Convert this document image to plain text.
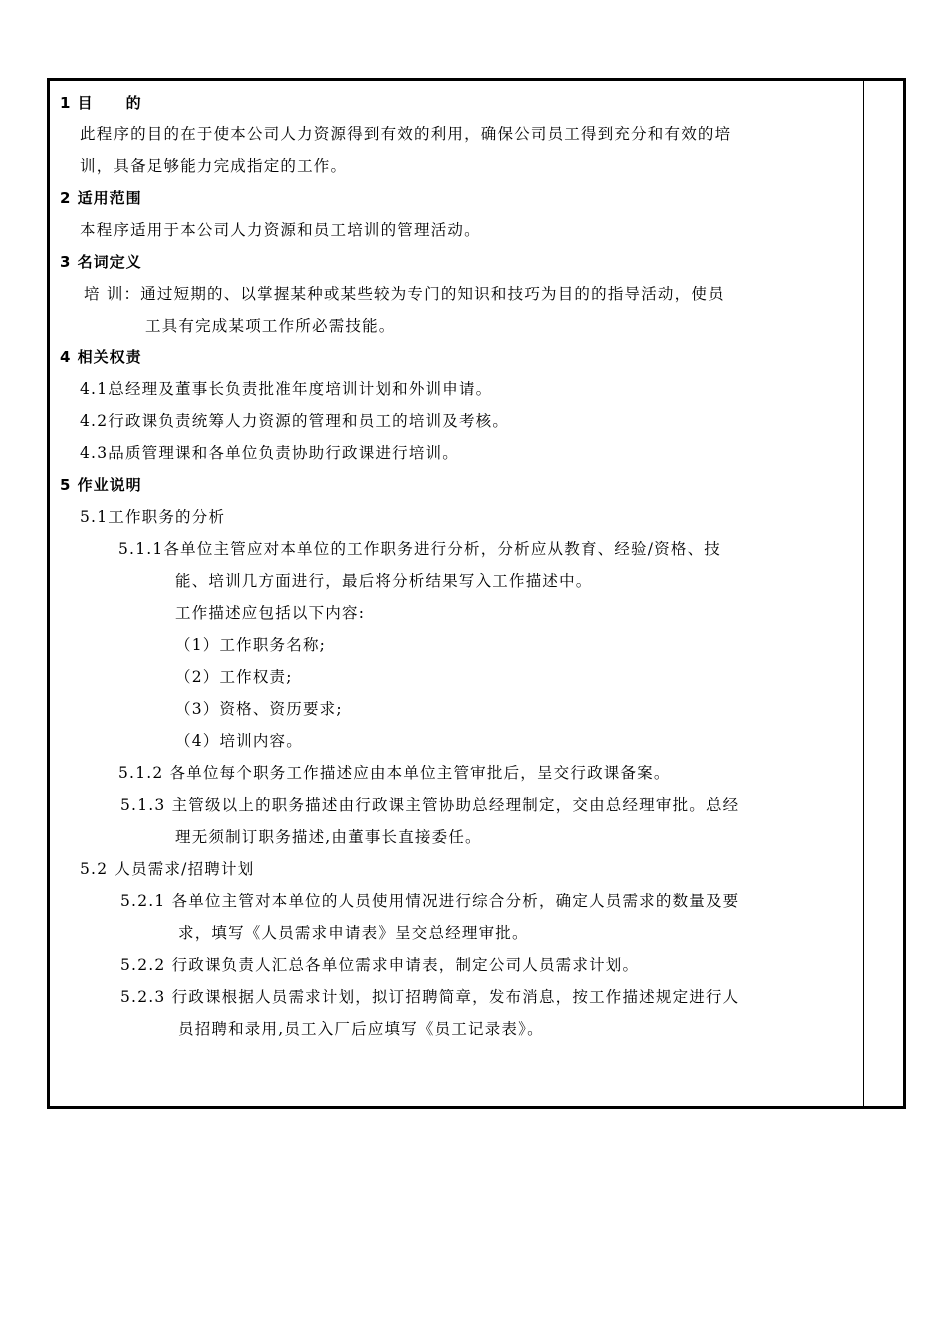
1 目　　的
此程序的目的在于使本公司人力资源得到有效的利用，确保公司员工得到充分和有效的培
训，具备足够能力完成指定的工作。
2 适用范围
本程序适用于本公司人力资源和员工培训的管理活动。
3 名词定义
培 训：通过短期的、以掌握某种或某些较为专门的知识和技巧为目的的指导活动，使员
工具有完成某项工作所必需技能。
4 相关权责
4.1总经理及董事长负责批准年度培训计划和外训申请。
4.2行政课负责统筹人力资源的管理和员工的培训及考核。
4.3品质管理课和各单位负责协助行政课进行培训。
5 作业说明
5.1工作职务的分析
5.1.1各单位主管应对本单位的工作职务进行分析，分析应从教育、经验/资格、技
能、培训几方面进行，最后将分析结果写入工作描述中。
工作描述应包括以下内容:
（1）工作职务名称;
（2）工作权责;
（3）资格、资历要求;
（4）培训内容。
5.1.2 各单位每个职务工作描述应由本单位主管审批后，呈交行政课备案。
5.1.3 主管级以上的职务描述由行政课主管协助总经理制定，交由总经理审批。总经
理无须制订职务描述,由董事长直接委任。
5.2 人员需求/招聘计划
5.2.1 各单位主管对本单位的人员使用情况进行综合分析，确定人员需求的数量及要
求，填写《人员需求申请表》呈交总经理审批。
5.2.2 行政课负责人汇总各单位需求申请表，制定公司人员需求计划。
5.2.3 行政课根据人员需求计划，拟订招聘简章，发布消息，按工作描述规定进行人
员招聘和录用,员工入厂后应填写《员工记录表》。
